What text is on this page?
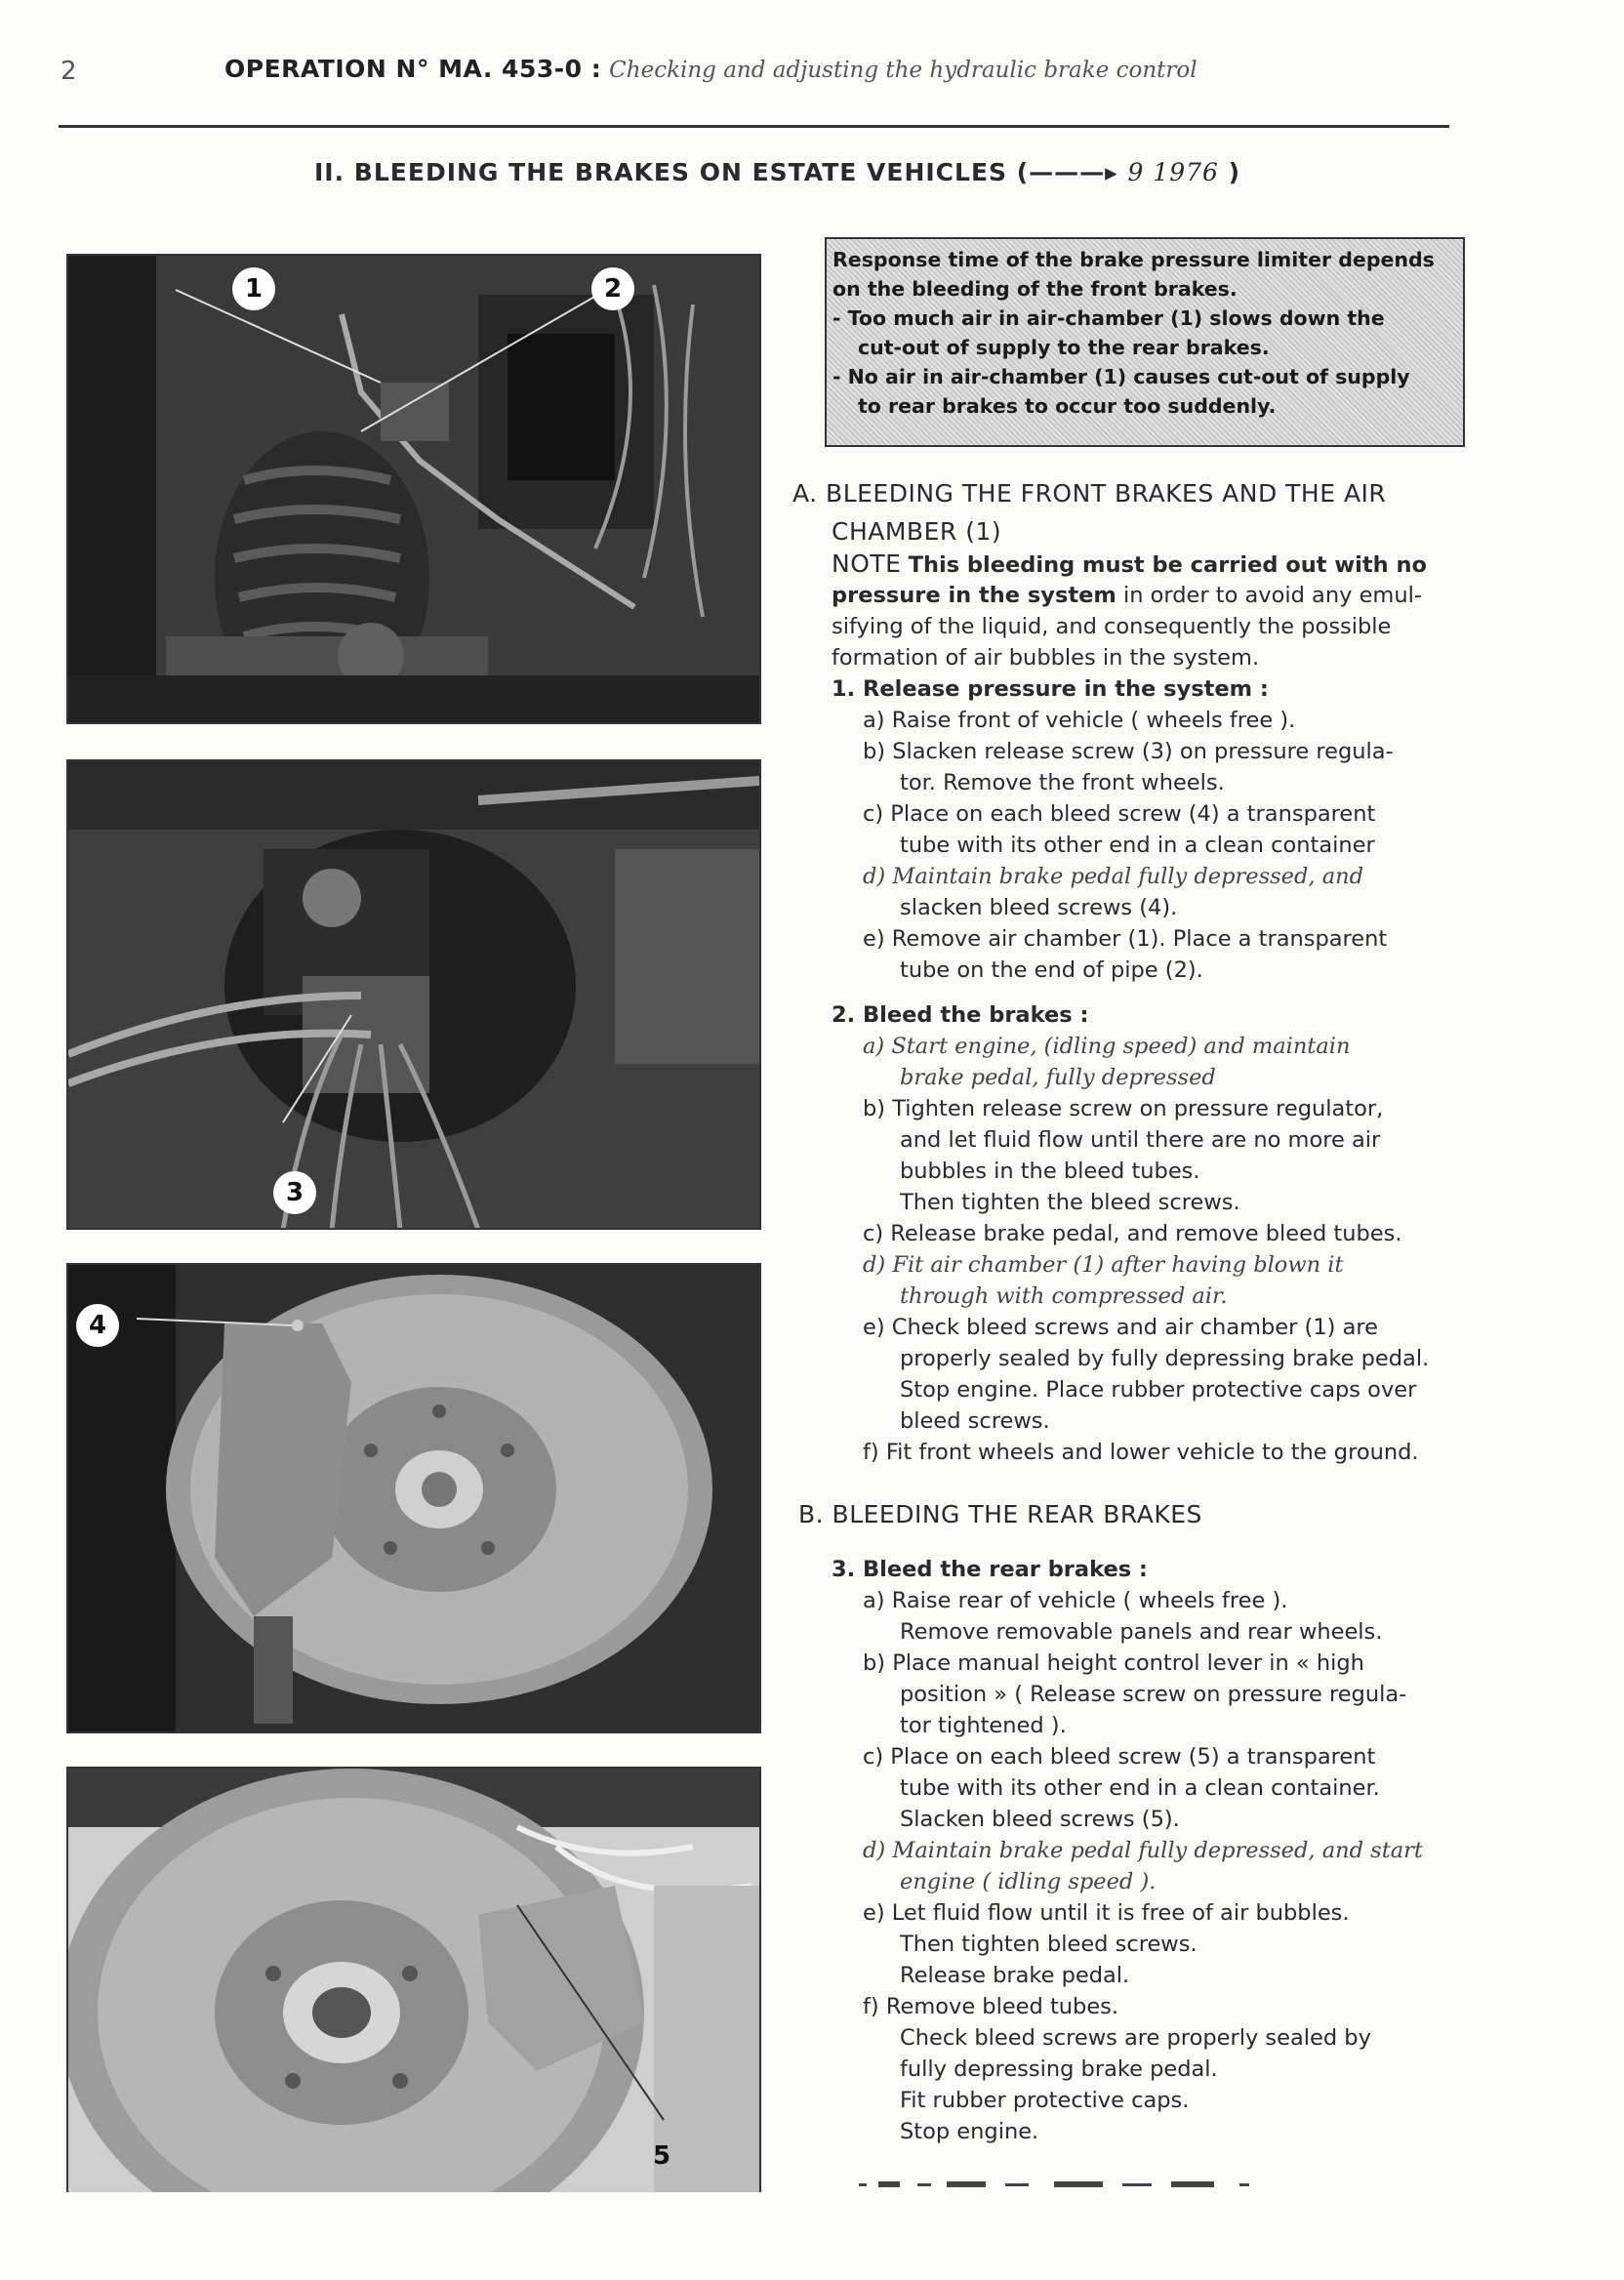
2	OPERATION N° MA. 453-0 : Checking and adjusting the hydraulic brake control
II. BLEEDING THE BRAKES ON ESTATE VEHICLES (———▸ 9 1976 )
1	2
3
4
5
Response time of the brake pressure limiter depends
on the bleeding of the front brakes.
- Too much air in air-chamber (1) slows down the
cut-out of supply to the rear brakes.
- No air in air-chamber (1) causes cut-out of supply
to rear brakes to occur too suddenly.
A. BLEEDING THE FRONT BRAKES AND THE AIR
CHAMBER (1)
NOTE This bleeding must be carried out with no
pressure in the system in order to avoid any emul-
sifying of the liquid, and consequently the possible
formation of air bubbles in the system.
1. Release pressure in the system :
a) Raise front of vehicle ( wheels free ).
b) Slacken release screw (3) on pressure regula-
tor. Remove the front wheels.
c) Place on each bleed screw (4) a transparent
tube with its other end in a clean container
d) Maintain brake pedal fully depressed, and
slacken bleed screws (4).
e) Remove air chamber (1). Place a transparent
tube on the end of pipe (2).
2. Bleed the brakes :
a) Start engine, (idling speed) and maintain
brake pedal, fully depressed
b) Tighten release screw on pressure regulator,
and let fluid flow until there are no more air
bubbles in the bleed tubes.
Then tighten the bleed screws.
c) Release brake pedal, and remove bleed tubes.
d) Fit air chamber (1) after having blown it
through with compressed air.
e) Check bleed screws and air chamber (1) are
properly sealed by fully depressing brake pedal.
Stop engine. Place rubber protective caps over
bleed screws.
f) Fit front wheels and lower vehicle to the ground.
B. BLEEDING THE REAR BRAKES
3. Bleed the rear brakes :
a) Raise rear of vehicle ( wheels free ).
Remove removable panels and rear wheels.
b) Place manual height control lever in « high
position » ( Release screw on pressure regula-
tor tightened ).
c) Place on each bleed screw (5) a transparent
tube with its other end in a clean container.
Slacken bleed screws (5).
d) Maintain brake pedal fully depressed, and start
engine ( idling speed ).
e) Let fluid flow until it is free of air bubbles.
Then tighten bleed screws.
Release brake pedal.
f) Remove bleed tubes.
Check bleed screws are properly sealed by
fully depressing brake pedal.
Fit rubber protective caps.
Stop engine.
